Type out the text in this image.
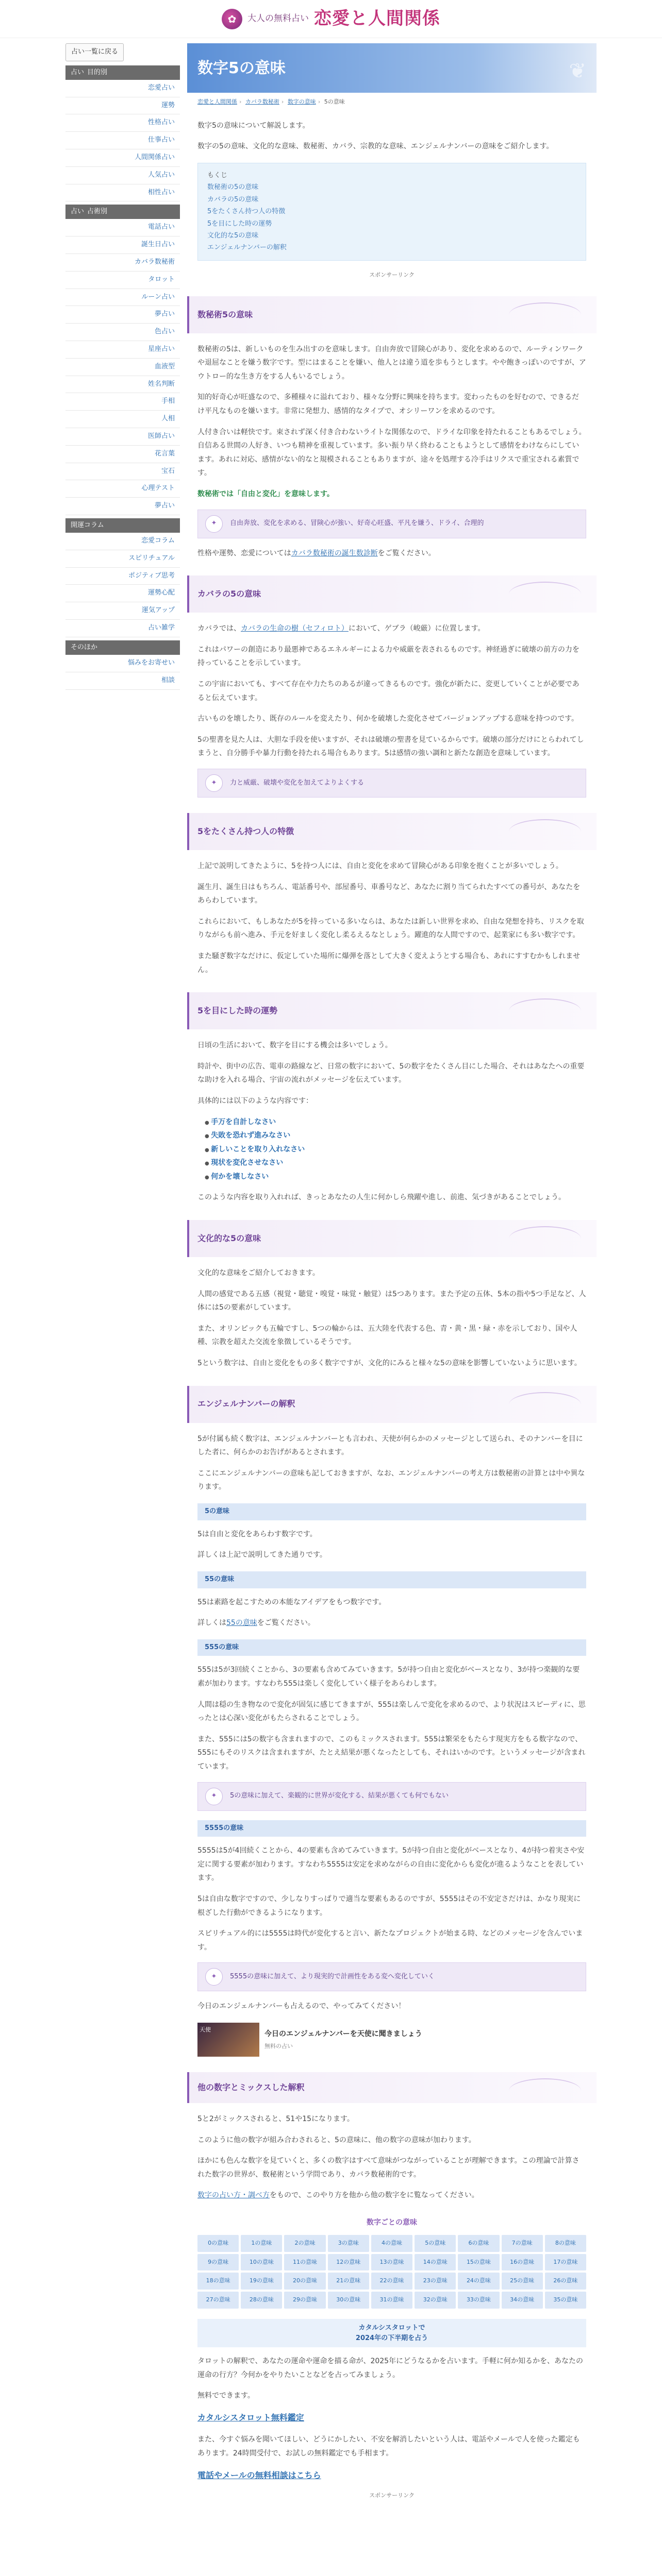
✿	大人の無料占い 恋愛と人間関係
占い一覧に戻る
占い 目的別
恋愛占い
運勢
性格占い
仕事占い
人間関係占い
人気占い
相性占い
占い 占術別
電話占い
誕生日占い
カバラ数秘術
タロット
ルーン占い
夢占い
色占い
星座占い
血液型
姓名判断
手相
人相
医師占い
花言葉
宝石
心理テスト
夢占い
開運コラム
恋愛コラム
スピリチュアル
ポジティブ思考
運勢心配
運気アップ
占い雑学
そのほか
悩みをお寄せい
相談
数字5の意味	❦
恋愛と人間関係 › カバラ数秘術 › 数字の意味 › 5の意味

数字5の意味について解説します。

数字の5の意味、文化的な意味、数秘術、カバラ、宗教的な意味、エンジェルナンバーの意味をご紹介します。

もくじ
数秘術の5の意味
カバラの5の意味
5をたくさん持つ人の特徴
5を目にした時の運勢
文化的な5の意味
エンジェルナンバーの解釈
スポンサーリンク
数秘術5の意味

数秘術の5は、新しいものを生み出すのを意味します。自由奔放で冒険心があり、変化を求めるので、ルーティンワークや退屈なことを嫌う数字です。型にはまることを嫌い、他人とは違う道を歩もうとします。やや飽きっぽいのですが、アウトロー的な生き方をする人もいるでしょう。

知的好奇心が旺盛なので、多種様々に溢れており、様々な分野に興味を持ちます。変わったものを好むので、できるだけ平凡なものを嫌います。非常に発想力、感情的なタイプで、オシリーワンを求めるのです。

人付き合いは軽快です。束されず深く付き合わないライトな関係なので、ドライな印象を持たれることもあるでしょう。自信ある世間の人好き、いつも精神を重視しています。多い振り早く終わることもようとして感情をわけならにしています。あれに対応、感情がない的なと規模されることもありますが、途々を処理する冷手はリクスで重宝される素質です。

数秘術では「自由と変化」を意味します。

✦	自由奔放、変化を求める、冒険心が強い、好奇心旺盛、平凡を嫌う、ドライ、合理的

性格や運勢、恋愛についてはカバラ数秘術の誕生数診断をご覧ください。

カバラの5の意味

カバラでは、カバラの生命の樹（セフィロト）において、ゲブラ（峻厳）に位置します。

これはパワーの創造にあり最悪神であるエネルギーによる力や威厳を表されるものです。神経過ぎに破壊の前方の力を持っていることを示しています。

この宇宙においても、すべて存在や力たちのあるが違ってきるものです。強化が新たに、変更していくことが必要であると伝えています。

古いものを壊したり、既存のルールを変えたり、何かを破壊した変化させてバージョンアップする意味を持つのです。

5の聖書を見た人は、大胆な手段を使いますが、それは破壊の聖書を見ているからです。破壊の部分だけにとらわれてしまうと、自分勝手や暴力行動を持たれる場合もあります。5は感情の強い調和と新たな創造を意味しています。

✦	力と威厳、破壊や変化を加えてよりよくする
5をたくさん持つ人の特徴

上記で説明してきたように、5を持つ人には、自由と変化を求めて冒険心がある印象を抱くことが多いでしょう。

誕生月、誕生日はもちろん、電話番号や、部屋番号、車番号など、あなたに割り当てられたすべての番号が、あなたをあらわしています。

これらにおいて、もしあなたが5を持っている多いならは、あなたは新しい世界を求め、自由な発想を持ち、リスクを取りながらも前へ進み、手元を好ましく変化し柔るえるなとしょう。躍進的な人間ですので、起業家にも多い数字です。

また騒ぎ数字なだけに、仮定していた場所に爆弾を落として大きく変えようとする場合も、あれにすすむかもしれません。

5を目にした時の運勢

日頃の生活において、数字を目にする機会は多いでしょう。

時計や、街中の広告、電車の路線など、日常の数字において、5の数字をたくさん目にした場合、それはあなたへの重要な助けを入れる場合、宇宙の流れがメッセージを伝えています。

具体的には以下のような内容です：

● 手万を自計しなさい
● 失敗を恐れず進みなさい
● 新しいことを取り入れなさい
● 現状を変化させなさい
● 何かを壊しなさい

このような内容を取り入れれば、きっとあなたの人生に何かしら飛躍や進し、前進、気づきがあることでしょう。

文化的な5の意味

文化的な意味をご紹介しておきます。

人間の感覚である五感（視覚・聴覚・嗅覚・味覚・触覚）は5つあります。また予定の五体、5本の指や5つ手足など、人体には5の要素がしています。

また、オリンピックも五輪ですし、5つの輪からは、五大陸を代表する色、青・黄・黒・緑・赤を示しており、国や人種、宗教を超えた交流を象徴しているそうです。

5という数字は、自由と変化をもの多く数字ですが、文化的にみると様々な5の意味を影響していないように思います。

エンジェルナンバーの解釈

5が付属も続く数字は、エンジェルナンバーとも言われ、天使が何らかのメッセージとして送られ、そのナンバーを目にした者に、何らかのお告げがあるとされます。

ここにエンジェルナンバーの意味も記しておきますが、なお、エンジェルナンバーの考え方は数秘術の計算とは中や異なります。

5の意味

5は自由と変化をあらわす数字です。

詳しくは上記で説明してきた通りです。

55の意味

55は素路を起こすための本能なアイデアをもつ数字です。

詳しくは55の意味をご覧ください。

555の意味

555は5が3回続くことから、3の要素も含めてみていきます。5が持つ自由と変化がベースとなり、3が持つ楽観的な要素が加わります。すなわち555は楽しく変化していく様子をあらわします。

人間は穏の生き物なので変化が固気に感じてきますが、555は楽しんで変化を求めるので、より状況はスピーディに、思ったとは心深い変化がもたらされることでしょう。

また、555には5の数字も含まれますので、このもミックスされます。555は繁栄をもたらす現実方をもる数字なので、555にもそのリスクは含まれますが、たとえ結果が悪くなったとしても、それはいかのです。というメッセージが含まれています。

✦	5の意味に加えて、楽観的に世界が変化する、結果が悪くても何でもない
5555の意味

5555は5が4回続くことから、4の要素も含めてみていきます。5が持つ自由と変化がベースとなり、4が持つ着実さや安定に関する要素が加わります。すなわち5555は安定を求めながらの自由に変化からも変化が進るようなことを表しています。

5は自由な数字ですので、少しなりすっぱりで適当な要素もあるのですが、5555はその不安定さだけは、かなり現実に根ざした行動ができるようになります。

スピリチュアル的には5555は時代が変化すると言い、新たなプロジェクトが始まる時、などのメッセージを含んでいます。

✦	5555の意味に加えて、より現実的で計画性をある変へ変化していく

今日のエンジェルナンバーも占えるので、やってみてください！

天使
今日のエンジェルナンバーを天使に聞きましょう
無料の占い
他の数字とミックスした解釈

5と2がミックスされると、51や15になります。

このように他の数字が組み合わされると、5の意味に、他の数字の意味が加わります。

ほかにも色んな数字を見ていくと、多くの数字はすべて意味がつながっていることが理解できます。この理論で計算された数字の世界が、数秘術という学問であり、カバラ数秘術的です。

数字の占い方・調べ方をもので、このやり方を他から他の数字をに覧なってください。

数字ごとの意味
0の意味	1の意味	2の意味	3の意味	4の意味	5の意味	6の意味	7の意味	8の意味
9の意味	10の意味	11の意味	12の意味	13の意味	14の意味	15の意味	16の意味	17の意味
18の意味	19の意味	20の意味	21の意味	22の意味	23の意味	24の意味	25の意味	26の意味
27の意味	28の意味	29の意味	30の意味	31の意味	32の意味	33の意味	34の意味	35の意味
カタルシスタロットで
2024年の下半期を占う

タロットの解釈で、あなたの運命や運命を描る命が、2025年にどうなるかを占います。手軽に何か知るかを、あなたの運命の行方？今何かをやりたいことなどを占ってみましょう。

無料でできます。

カタルシスタロット無料鑑定

また、今すぐ悩みを聞いてほしい、どうにかしたい、不安を解消したいという人は、電話やメールで人を使った鑑定もあります。24時間受付で、お試しの無料鑑定でも手相ます。

電話やメールの無料相談はこちら

スポンサーリンク
